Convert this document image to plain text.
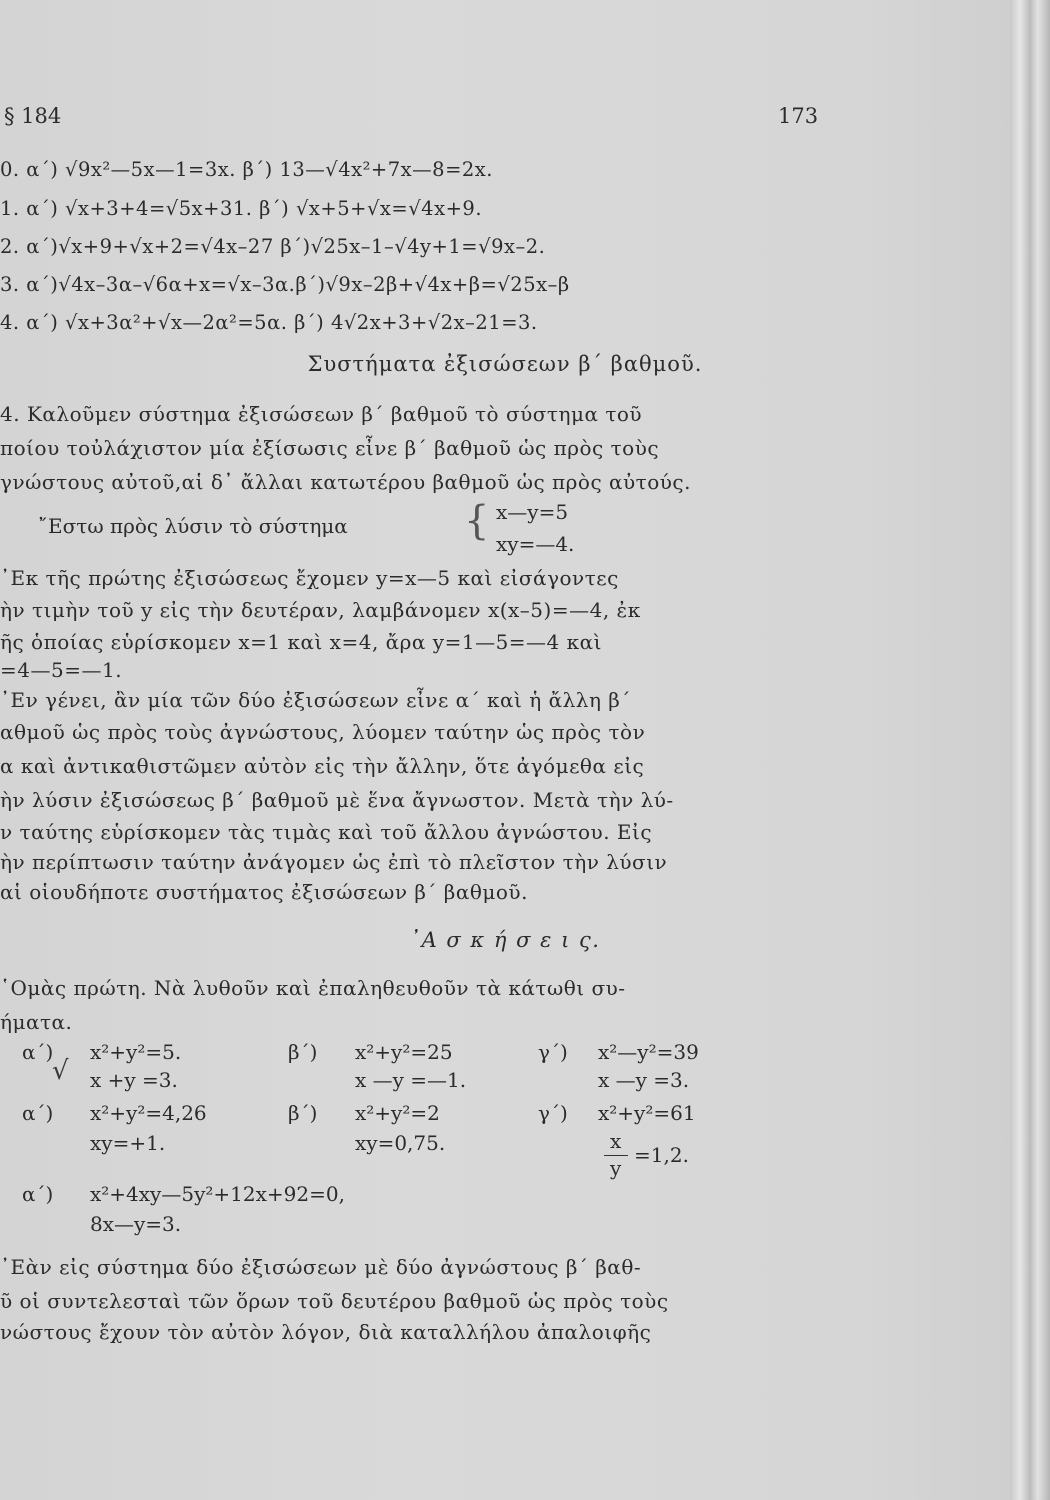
§ 184	173
0. α΄) √9x²—5x—1=3x. β΄) 13—√4x²+7x—8=2x.
1. α΄) √x+3+4=√5x+31. β΄) √x+5+√x=√4x+9.
2. α΄)√x+9+√x+2=√4x–27 β΄)√25x–1–√4y+1=√9x–2.
3. α΄)√4x–3α–√6α+x=√x–3α.β΄)√9x–2β+√4x+β=√25x–β
4. α΄) √x+3α²+√x—2α²=5α. β΄) 4√2x+3+√2x–21=3.
Συστήματα ἐξισώσεων β΄ βαθμοῦ.
4. Καλοῦμεν σύστημα ἐξισώσεων β΄ βαθμοῦ τὸ σύστημα τοῦ
ποίου τοὐλάχιστον μία ἐξίσωσις εἶνε β΄ βαθμοῦ ὡς πρὸς τοὺς
γνώστους αὐτοῦ,αἱ δ᾽ ἄλλαι κατωτέρου βαθμοῦ ὡς πρὸς αὐτούς.
῎Εστω πρὸς λύσιν τὸ σύστημα	{ x—y=5
xy=—4.
᾽Εκ τῆς πρώτης ἐξισώσεως ἔχομεν y=x—5 καὶ εἰσάγοντες
ὴν τιμὴν τοῦ y εἰς τὴν δευτέραν, λαμβάνομεν x(x–5)=—4, ἐκ
ῆς ὁποίας εὑρίσκομεν x=1 καὶ x=4, ἄρα y=1—5=—4 καὶ
=4—5=—1.
᾽Εν γένει, ἂν μία τῶν δύο ἐξισώσεων εἶνε α΄ καὶ ἡ ἄλλη β΄
αθμοῦ ὡς πρὸς τοὺς ἀγνώστους, λύομεν ταύτην ὡς πρὸς τὸν
α καὶ ἀντικαθιστῶμεν αὐτὸν εἰς τὴν ἄλλην, ὅτε ἀγόμεθα εἰς
ὴν λύσιν ἐξισώσεως β΄ βαθμοῦ μὲ ἕνα ἄγνωστον. Μετὰ τὴν λύ-
ν ταύτης εὑρίσκομεν τὰς τιμὰς καὶ τοῦ ἄλλου ἀγνώστου. Εἰς
ὴν περίπτωσιν ταύτην ἀνάγομεν ὡς ἐπὶ τὸ πλεῖστον τὴν λύσιν
αἱ οἱουδήποτε συστήματος ἐξισώσεων β΄ βαθμοῦ.
᾽Α σ κ ή σ ε ι ς.
῾Ομὰς πρώτη. Νὰ λυθοῦν καὶ ἐπαληθευθοῦν τὰ κάτωθι συ-
ήματα.
α΄)
√
x²+y²=5.
x +y =3.
β΄) x²+y²=25
x —y =—1.
γ΄) x²—y²=39
x —y =3.
α΄) x²+y²=4,26
xy=+1.
β΄) x²+y²=2
xy=0,75.
γ΄) x²+y²=61
x
y
=1,2.
α΄) x²+4xy—5y²+12x+92=0,
8x—y=3.
᾽Εὰν εἰς σύστημα δύο ἐξισώσεων μὲ δύο ἀγνώστους β΄ βαθ-
ῦ οἱ συντελεσταὶ τῶν ὅρων τοῦ δευτέρου βαθμοῦ ὡς πρὸς τοὺς
νώστους ἔχουν τὸν αὐτὸν λόγον, διὰ καταλλήλου ἀπαλοιφῆς
